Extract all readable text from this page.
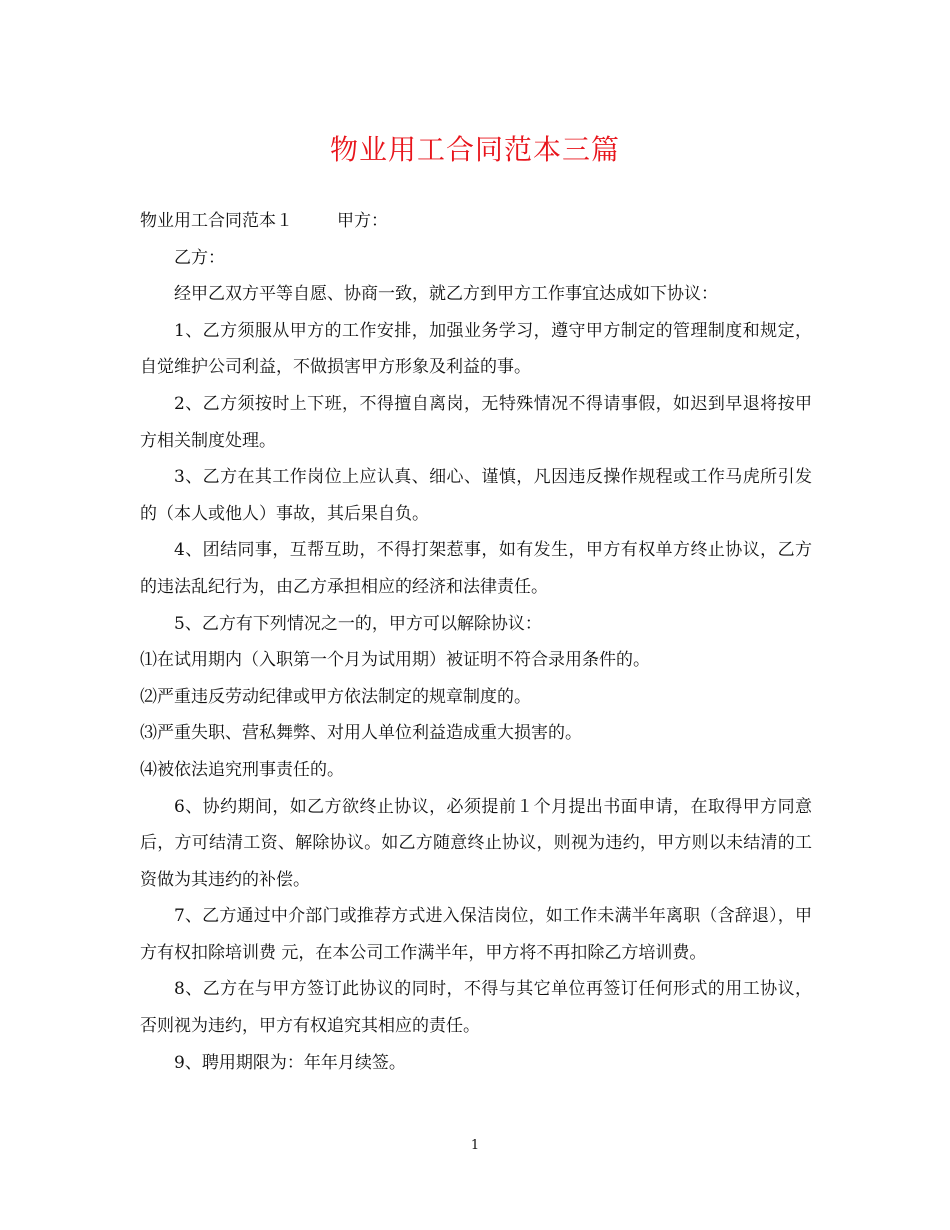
物业用工合同范本三篇

物业用工合同范本１	甲方：

乙方：

经甲乙双方平等自愿、协商一致，就乙方到甲方工作事宜达成如下协议：

1、乙方须服从甲方的工作安排，加强业务学习，遵守甲方制定的管理制度和规定，自觉维护公司利益，不做损害甲方形象及利益的事。

2、乙方须按时上下班，不得擅自离岗，无特殊情况不得请事假，如迟到早退将按甲方相关制度处理。

3、乙方在其工作岗位上应认真、细心、谨慎，凡因违反操作规程或工作马虎所引发的（本人或他人）事故，其后果自负。

4、团结同事，互帮互助，不得打架惹事，如有发生，甲方有权单方终止协议，乙方的违法乱纪行为，由乙方承担相应的经济和法律责任。

5、乙方有下列情况之一的，甲方可以解除协议：

⑴在试用期内（入职第一个月为试用期）被证明不符合录用条件的。

⑵严重违反劳动纪律或甲方依法制定的规章制度的。

⑶严重失职、营私舞弊、对用人单位利益造成重大损害的。

⑷被依法追究刑事责任的。

6、协约期间，如乙方欲终止协议，必须提前１个月提出书面申请，在取得甲方同意后，方可结清工资、解除协议。如乙方随意终止协议，则视为违约，甲方则以未结清的工资做为其违约的补偿。

7、乙方通过中介部门或推荐方式进入保洁岗位，如工作未满半年离职（含辞退），甲方有权扣除培训费 元，在本公司工作满半年，甲方将不再扣除乙方培训费。

8、乙方在与甲方签订此协议的同时，不得与其它单位再签订任何形式的用工协议，否则视为违约，甲方有权追究其相应的责任。

9、聘用期限为：年年月续签。

1
